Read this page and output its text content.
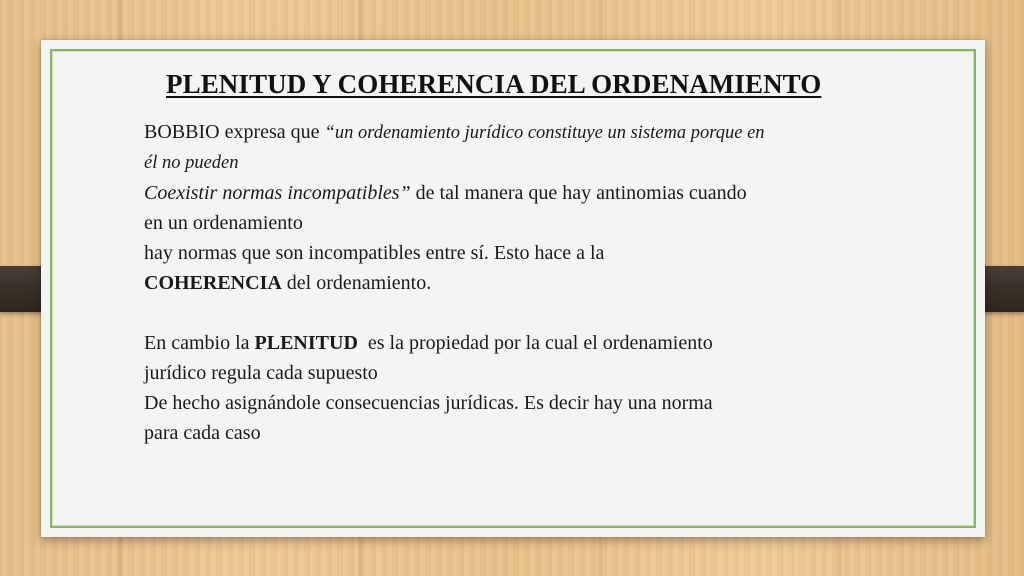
PLENITUD Y COHERENCIA DEL ORDENAMIENTO
BOBBIO expresa que “un ordenamiento jurídico constituye un sistema porque en
él no pueden
Coexistir normas incompatibles” de tal manera que hay antinomias cuando
en un ordenamiento
hay normas que son incompatibles entre sí. Esto hace a la
COHERENCIA del ordenamiento.
En cambio la PLENITUD  es la propiedad por la cual el ordenamiento
jurídico regula cada supuesto
De hecho asignándole consecuencias jurídicas. Es decir hay una norma
para cada caso
